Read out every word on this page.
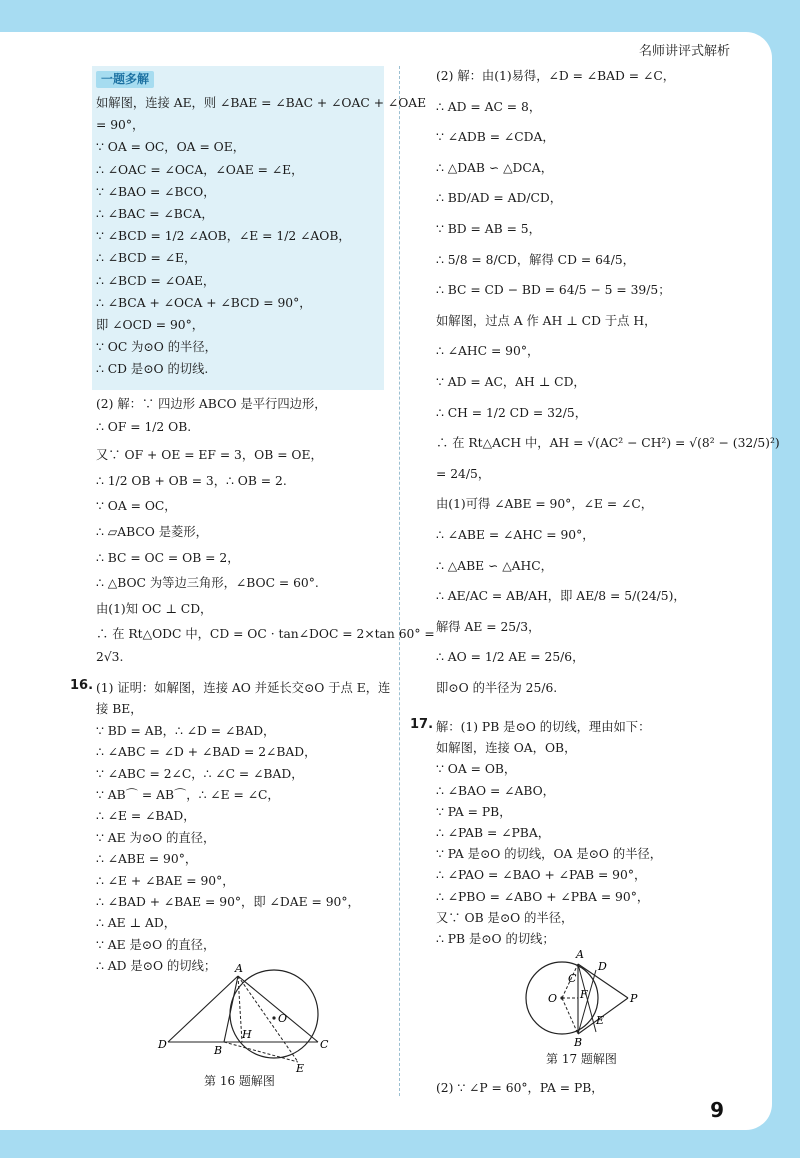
名师讲评式解析
一题多解
如解图，连接 AE，则 ∠BAE = ∠BAC + ∠OAC + ∠OAE
= 90°，
∵ OA = OC，OA = OE，
∴ ∠OAC = ∠OCA，∠OAE = ∠E，
∵ ∠BAO = ∠BCO，
∴ ∠BAC = ∠BCA，
∵ ∠BCD = 1/2 ∠AOB，∠E = 1/2 ∠AOB，
∴ ∠BCD = ∠E，
∴ ∠BCD = ∠OAE，
∴ ∠BCA + ∠OCA + ∠BCD = 90°，
即 ∠OCD = 90°，
∵ OC 为⊙O 的半径，
∴ CD 是⊙O 的切线.
(2) 解：∵ 四边形 ABCO 是平行四边形，
∴ OF = 1/2 OB.
又∵ OF + OE = EF = 3，OB = OE，
∴ 1/2 OB + OB = 3，∴ OB = 2.
∵ OA = OC，
∴ ▱ABCO 是菱形，
∴ BC = OC = OB = 2，
∴ △BOC 为等边三角形，∠BOC = 60°.
由(1)知 OC ⊥ CD，
∴ 在 Rt△ODC 中，CD = OC · tan∠DOC = 2×tan 60° =
2√3.
16. (1) 证明：如解图，连接 AO 并延长交⊙O 于点 E，连
接 BE，
∵ BD = AB，∴ ∠D = ∠BAD，
∴ ∠ABC = ∠D + ∠BAD = 2∠BAD，
∵ ∠ABC = 2∠C，∴ ∠C = ∠BAD，
∵ AB⌒ = AB⌒，∴ ∠E = ∠C，
∴ ∠E = ∠BAD，
∵ AE 为⊙O 的直径，
∴ ∠ABE = 90°，
∴ ∠E + ∠BAE = 90°，
∴ ∠BAD + ∠BAE = 90°，即 ∠DAE = 90°，
∴ AE ⊥ AD，
∵ AE 是⊙O 的直径，
∴ AD 是⊙O 的切线； A
D	B
H
O
C
E
第 16 题解图
(2) 解：由(1)易得，∠D = ∠BAD = ∠C，
∴ AD = AC = 8，
∵ ∠ADB = ∠CDA，
∴ △DAB ∽ △DCA，
∴ BD/AD = AD/CD，
∵ BD = AB = 5，
∴ 5/8 = 8/CD，解得 CD = 64/5，
∴ BC = CD − BD = 64/5 − 5 = 39/5；
如解图，过点 A 作 AH ⊥ CD 于点 H，
∴ ∠AHC = 90°，
∵ AD = AC，AH ⊥ CD，
∴ CH = 1/2 CD = 32/5，
∴ 在 Rt△ACH 中，AH = √(AC² − CH²) = √(8² − (32/5)²)
= 24/5，
由(1)可得 ∠ABE = 90°，∠E = ∠C，
∴ ∠ABE = ∠AHC = 90°，
∴ △ABE ∽ △AHC，
∴ AE/AC = AB/AH，即 AE/8 = 5/(24/5)，
解得 AE = 25/3，
∴ AO = 1/2 AE = 25/6，
即⊙O 的半径为 25/6.
17. 解：(1) PB 是⊙O 的切线，理由如下：
如解图，连接 OA，OB，
∵ OA = OB，
∴ ∠BAO = ∠ABO，
∵ PA = PB，
∴ ∠PAB = ∠PBA，
∵ PA 是⊙O 的切线，OA 是⊙O 的半径，
∴ ∠PAO = ∠BAO + ∠PAB = 90°，
∴ ∠PBO = ∠ABO + ∠PBA = 90°，
又∵ OB 是⊙O 的半径，
∴ PB 是⊙O 的切线；
A
D
C
O F	P
E
B
第 17 题解图
(2) ∵ ∠P = 60°，PA = PB，
9
